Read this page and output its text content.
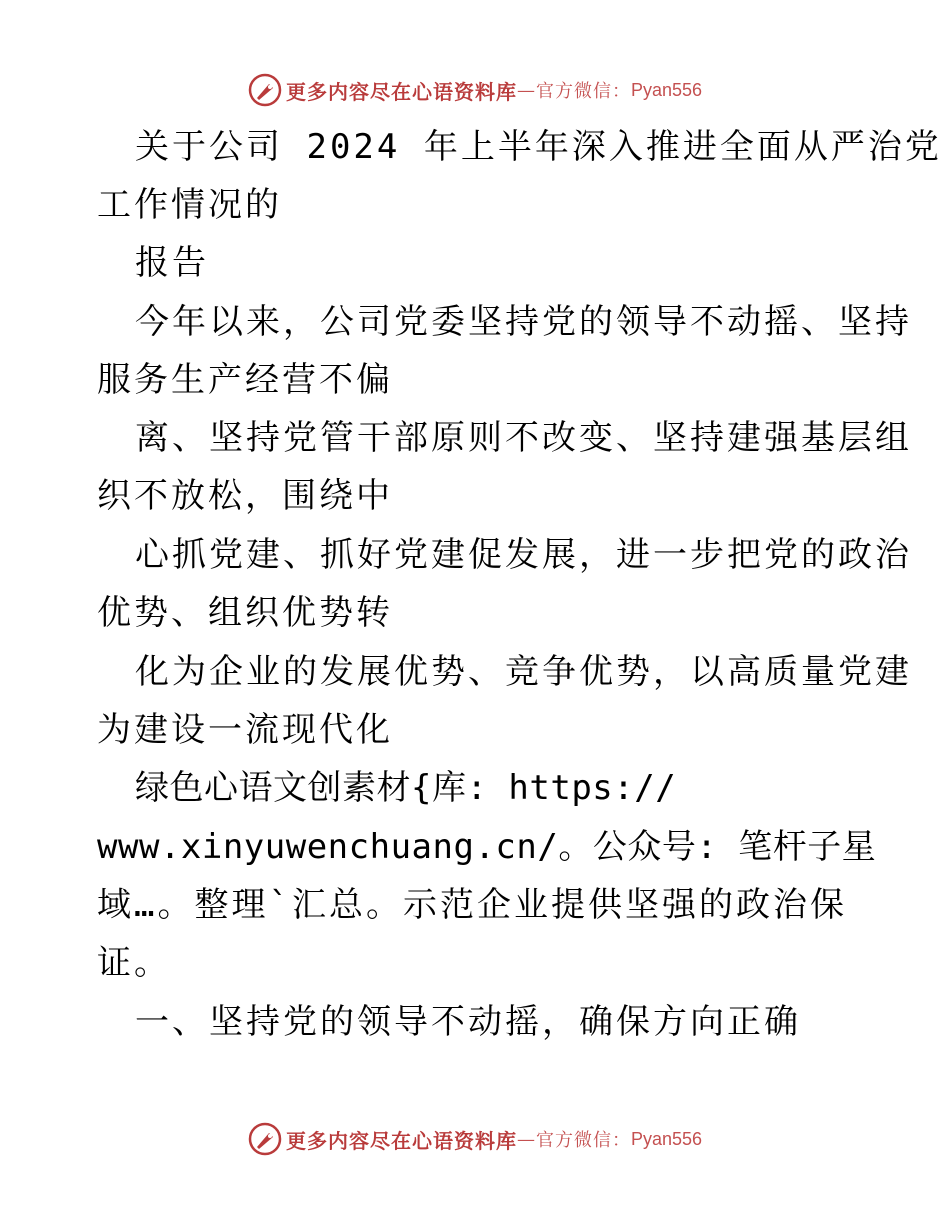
更多内容尽在心语资料库 — 官方微信： Pyan556
关于公司 2024 年上半年深入推进全面从严治党
工作情况的
报告
今年以来，公司党委坚持党的领导不动摇、坚持
服务生产经营不偏
离、坚持党管干部原则不改变、坚持建强基层组
织不放松，围绕中
心抓党建、抓好党建促发展，进一步把党的政治
优势、组织优势转
化为企业的发展优势、竞争优势，以高质量党建
为建设一流现代化
绿色心语文创素材{库: https://
www.xinyuwenchuang.cn/。公众号: 笔杆子星
域…。整理`汇总。示范企业提供坚强的政治保
证。
一、坚持党的领导不动摇，确保方向正确
更多内容尽在心语资料库 — 官方微信： Pyan556
